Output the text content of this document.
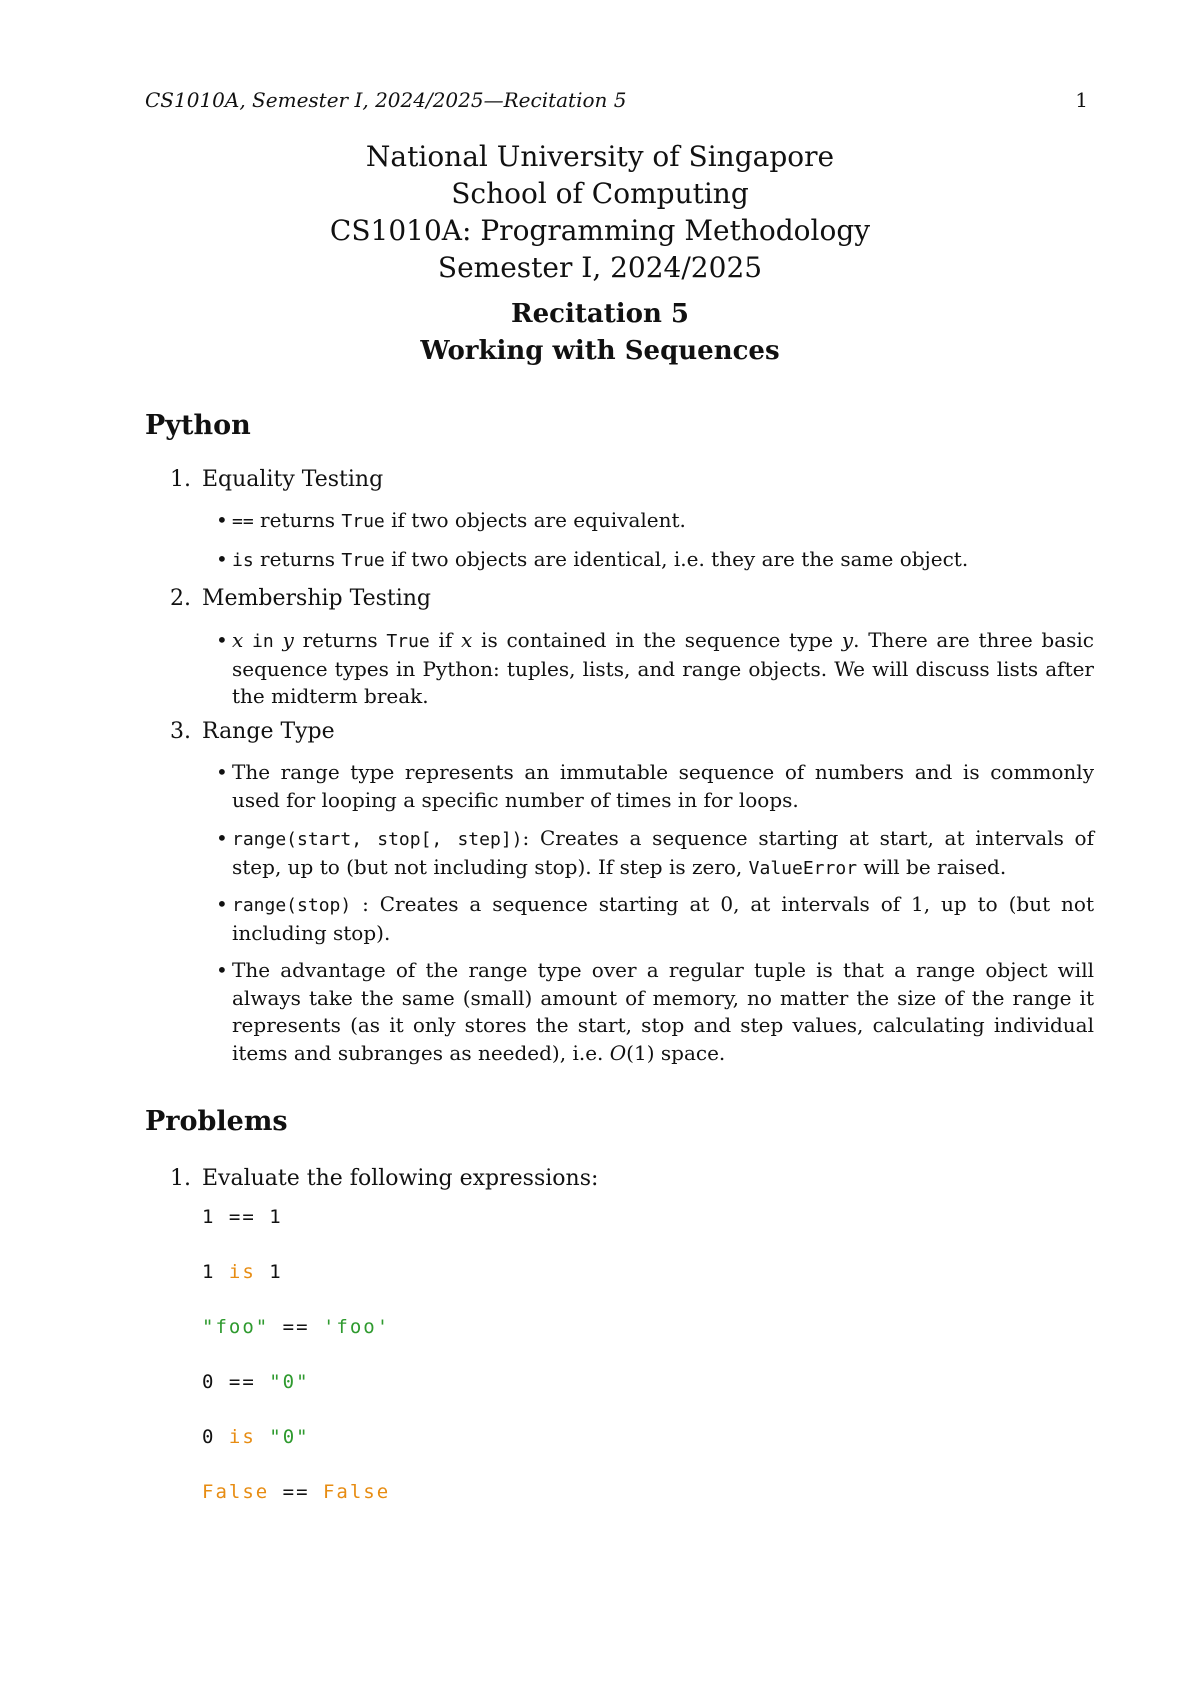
CS1010A, Semester I, 2024/2025—Recitation 5	1
National University of Singapore
School of Computing
CS1010A: Programming Methodology
Semester I, 2024/2025
Recitation 5
Working with Sequences
Python
1. Equality Testing
• == returns True if two objects are equivalent.
• is returns True if two objects are identical, i.e. they are the same object.
2. Membership Testing
• x in y returns True if x is contained in the sequence type y. There are three basic sequence types in Python: tuples, lists, and range objects. We will discuss lists after the midterm break.
3. Range Type
• The range type represents an immutable sequence of numbers and is commonly used for looping a specific number of times in for loops.
• range(start, stop[, step]): Creates a sequence starting at start, at intervals of step, up to (but not including stop). If step is zero, ValueError will be raised.
• range(stop) : Creates a sequence starting at 0, at intervals of 1, up to (but not including stop).
• The advantage of the range type over a regular tuple is that a range object will always take the same (small) amount of memory, no matter the size of the range it represents (as it only stores the start, stop and step values, calculating individual items and subranges as needed), i.e. O(1) space.
Problems
1. Evaluate the following expressions:
1 == 1
1 is 1
"foo" == 'foo'
0 == "0"
0 is "0"
False == False
